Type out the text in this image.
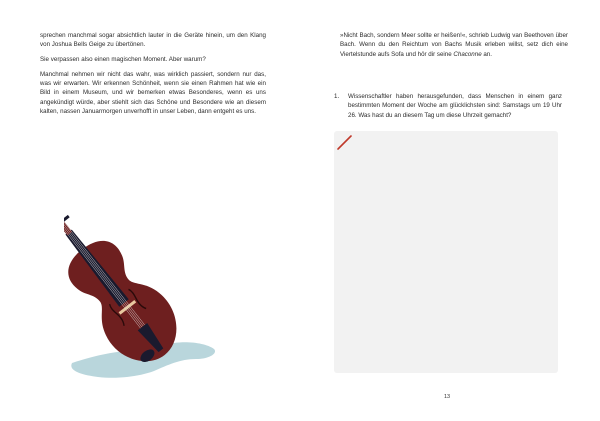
sprechen manchmal sogar absichtlich lauter in die Geräte hinein, um den Klang von Joshua Bells Geige zu übertönen.

Sie verpassen also einen magischen Moment. Aber warum?

Manchmal nehmen wir nicht das wahr, was wirklich passiert, sondern nur das, was wir erwarten. Wir erkennen Schönheit, wenn sie einen Rahmen hat wie ein Bild in einem Museum, und wir bemerken etwas Besonderes, wenn es uns angekündigt würde, aber stiehlt sich das Schöne und Besondere wie an diesem kalten, nassen Januarmorgen unverhofft in unser Leben, dann entgeht es uns.

»Nicht Bach, sondern Meer sollte er heißen!«, schrieb Ludwig van Beethoven über Bach. Wenn du den Reichtum von Bachs Musik erleben willst, setz dich eine Viertelstunde aufs Sofa und hör dir seine Chaconne an.
1.	Wissenschaftler haben herausgefunden, dass Menschen in einem ganz bestimmten Moment der Woche am glücklichsten sind: Samstags um 19 Uhr 26. Was hast du an diesem Tag um diese Uhrzeit gemacht?
13
